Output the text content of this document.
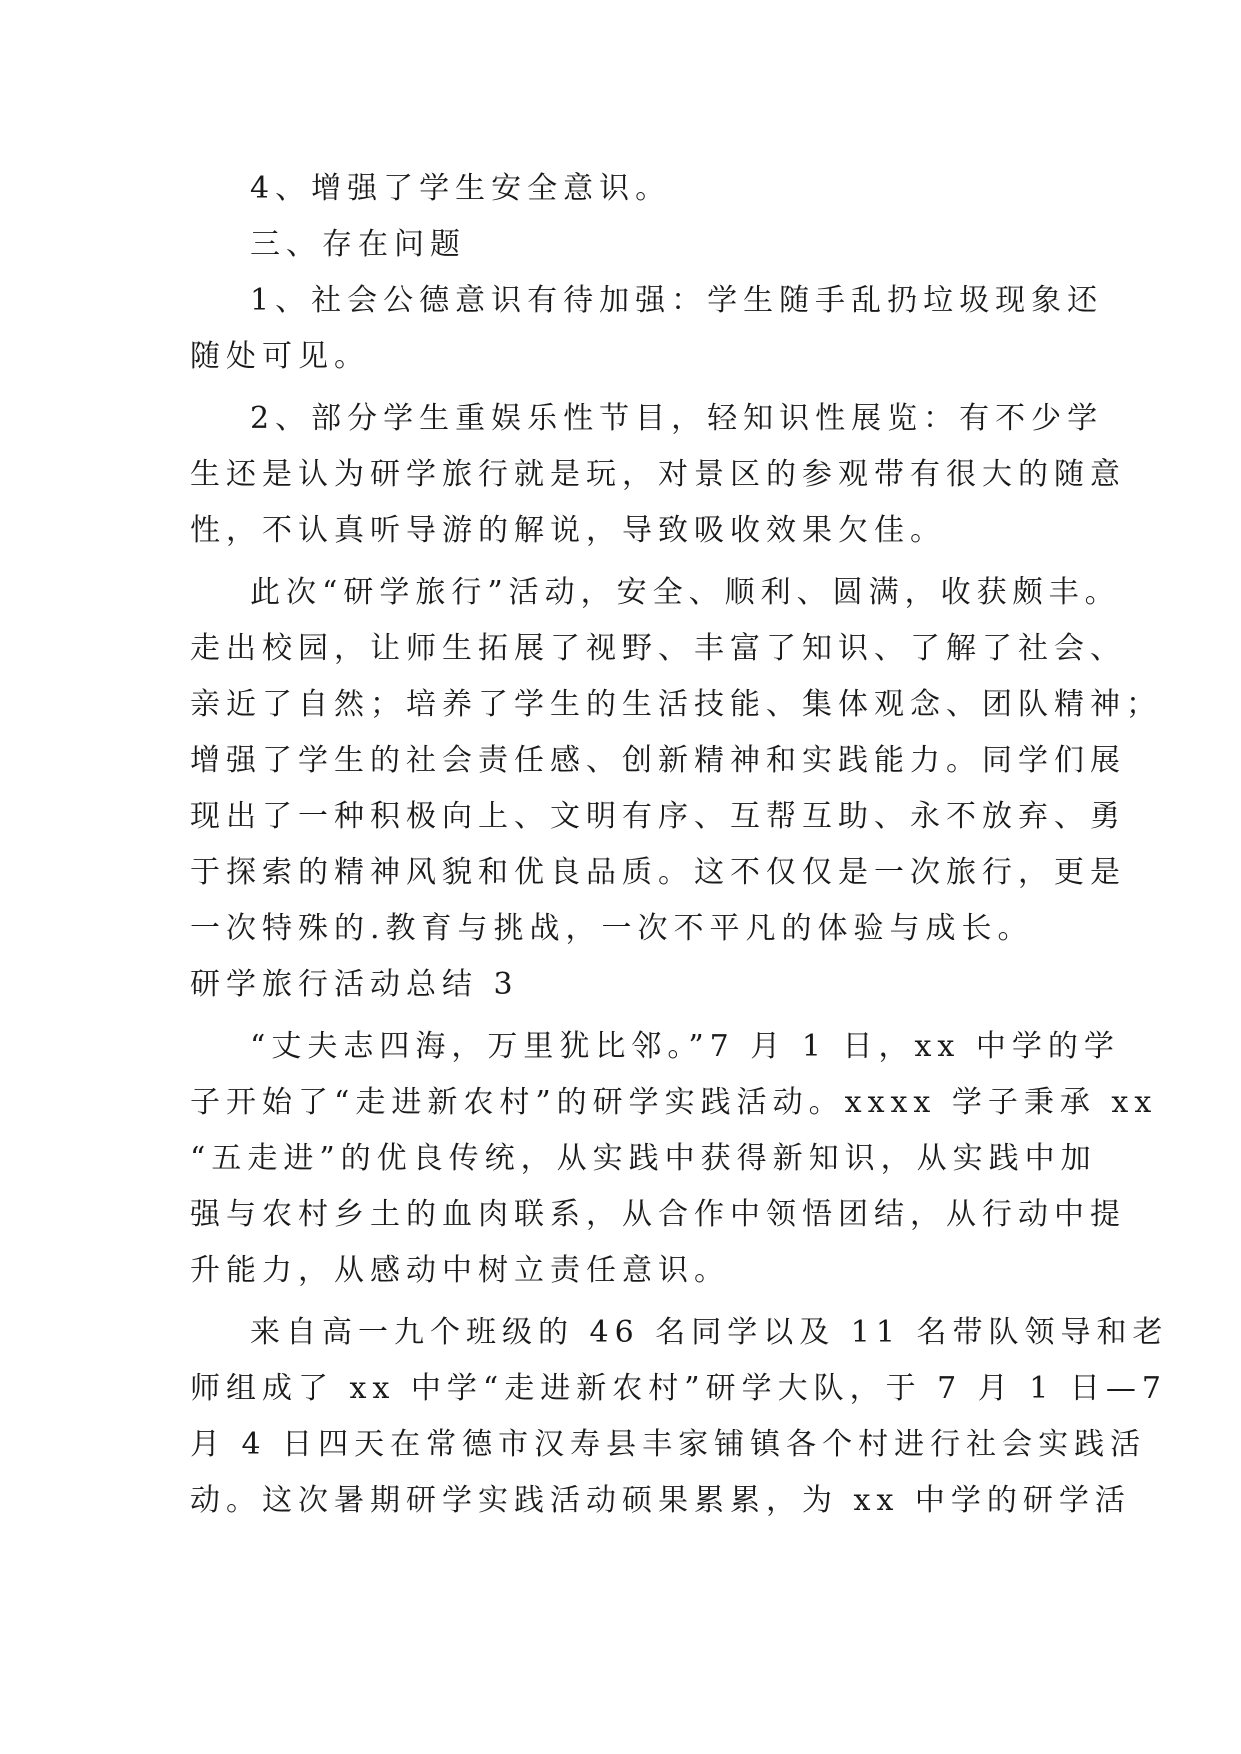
4、增强了学生安全意识。
三、存在问题
1、社会公德意识有待加强：学生随手乱扔垃圾现象还
随处可见。
2、部分学生重娱乐性节目，轻知识性展览：有不少学
生还是认为研学旅行就是玩，对景区的参观带有很大的随意
性，不认真听导游的解说，导致吸收效果欠佳。
此次“研学旅行”活动，安全、顺利、圆满，收获颇丰。
走出校园，让师生拓展了视野、丰富了知识、了解了社会、
亲近了自然；培养了学生的生活技能、集体观念、团队精神；
增强了学生的社会责任感、创新精神和实践能力。同学们展
现出了一种积极向上、文明有序、互帮互助、永不放弃、勇
于探索的精神风貌和优良品质。这不仅仅是一次旅行，更是
一次特殊的.教育与挑战，一次不平凡的体验与成长。
研学旅行活动总结 3
“丈夫志四海，万里犹比邻。”7 月 1 日，xx 中学的学
子开始了“走进新农村”的研学实践活动。xxxx 学子秉承 xx
“五走进”的优良传统，从实践中获得新知识，从实践中加
强与农村乡土的血肉联系，从合作中领悟团结，从行动中提
升能力，从感动中树立责任意识。
来自高一九个班级的 46 名同学以及 11 名带队领导和老
师组成了 xx 中学“走进新农村”研学大队，于 7 月 1 日—7
月 4 日四天在常德市汉寿县丰家铺镇各个村进行社会实践活
动。这次暑期研学实践活动硕果累累，为 xx 中学的研学活
